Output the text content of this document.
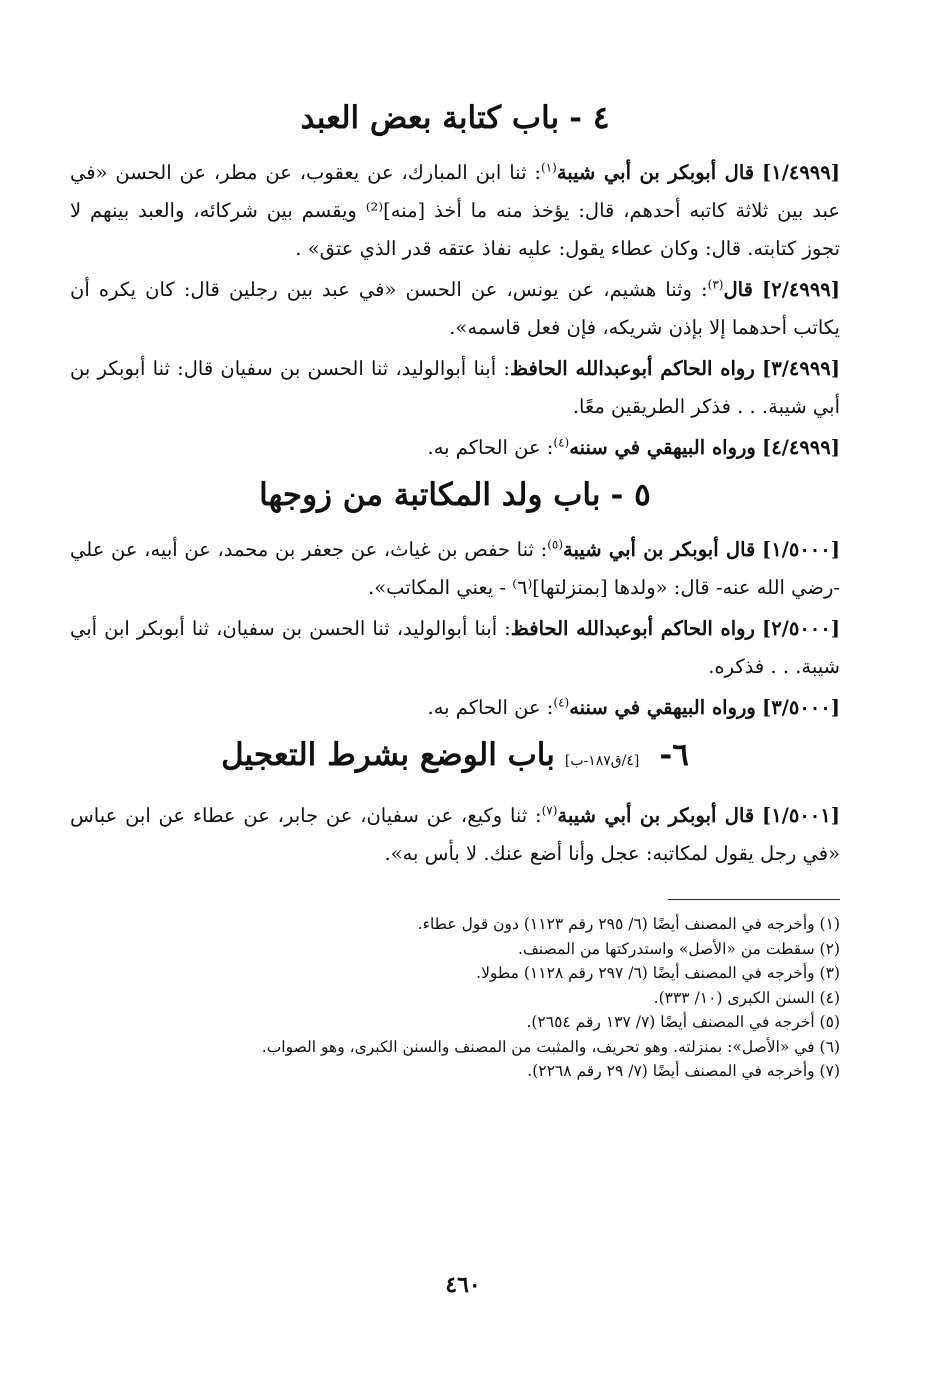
٤ -باب كتابة بعض العبد

[١/٤٩٩٩] قال أبوبكر بن أبي شيبة$^{(١)}$: ثنا ابن المبارك، عن يعقوب، عن مطر، عن الحسن «في عبد بين ثلاثة كاتبه أحدهم، قال: يؤخذ منه ما أخذ [منه]⁽²⁾ ويقسم بين شركائه، والعبد بينهم لا تجوز كتابته. قال: وكان عطاء يقول: عليه نفاذ عتقه قدر الذي عتق» .

[٢/٤٩٩٩] قال$^{(٣)}$: وثنا هشيم، عن يونس، عن الحسن «في عبد بين رجلين قال: كان يكره أن يكاتب أحدهما إلا بإذن شريكه، فإن فعل قاسمه».

[٣/٤٩٩٩] رواه الحاكم أبوعبدالله الحافظ: أبنا أبوالوليد، ثنا الحسن بن سفيان قال: ثنا أبوبكر بن أبي شيبة. . . فذكر الطريقين معًا.

[٤/٤٩٩٩] ورواه البيهقي في سننه$^{(٤)}$: عن الحاكم به.

٥ -باب ولد المكاتبة من زوجها

[١/٥٠٠٠] قال أبوبكر بن أبي شيبة$^{(٥)}$: ثنا حفص بن غياث، عن جعفر بن محمد، عن أبيه، عن علي -رضي الله عنه- قال: «ولدها [بمنزلتها]⁽٦⁾ - يعني المكاتب».

[٢/٥٠٠٠] رواه الحاكم أبوعبدالله الحافظ: أبنا أبوالوليد، ثنا الحسن بن سفيان، ثنا أبوبكر ابن أبي شيبة. . . فذكره.

[٣/٥٠٠٠] ورواه البيهقي في سننه$^{(٤)}$: عن الحاكم به.

٦-[٤/ق١٨٧-ب]باب الوضع بشرط التعجيل

[١/٥٠٠١] قال أبوبكر بن أبي شيبة$^{(٧)}$: ثنا وكيع، عن سفيان، عن جابر، عن عطاء عن ابن عباس «في رجل يقول لمكاتبه: عجل وأنا أضع عنك. لا بأس به».

(١) وأخرجه في المصنف أيضًا (٦/ ٢٩٥ رقم ١١٢٣) دون قول عطاء.

(٢) سقطت من «الأصل» واستدركتها من المصنف.

(٣) وأخرجه في المصنف أيضًا (٦/ ٢٩٧ رقم ١١٢٨) مطولا.

(٤) السنن الكبرى (١٠/ ٣٣٣).

(٥) أخرجه في المصنف أيضًا (٧/ ١٣٧ رقم ٢٦٥٤).

(٦) في «الأصل»: بمنزلته. وهو تحريف، والمثبت من المصنف والسنن الكبرى، وهو الصواب.

(٧) وأخرجه في المصنف أيضًا (٧/ ٢٩ رقم ٢٢٦٨).

٤٦٠
